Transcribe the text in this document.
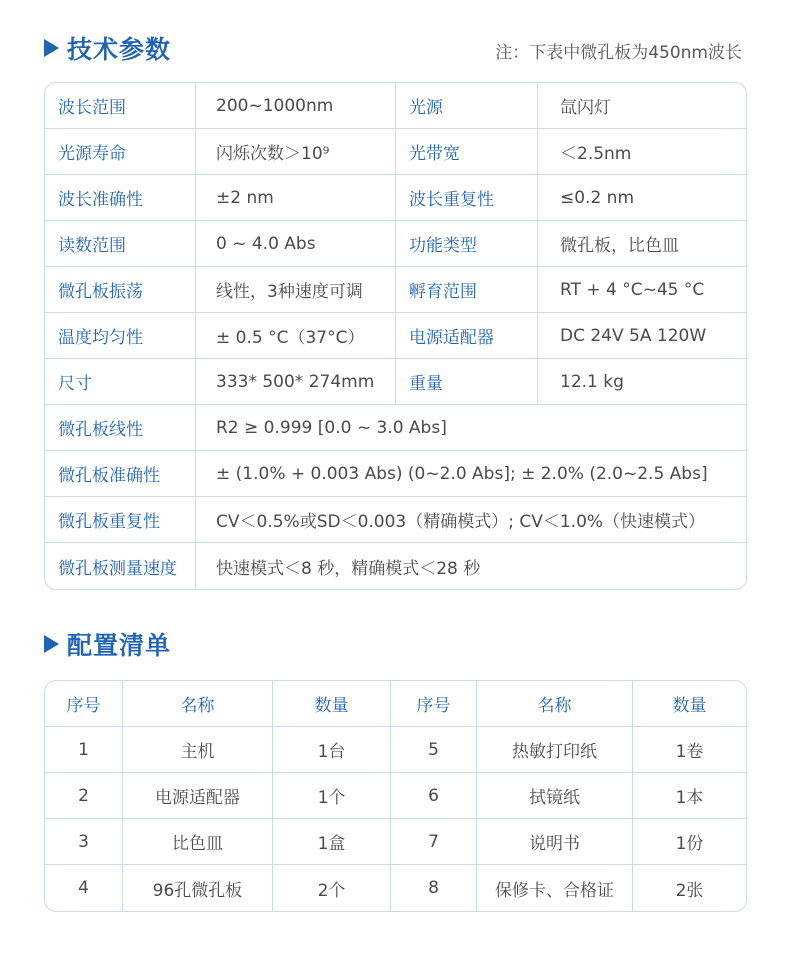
技术参数	注：下表中微孔板为450nm波长
波长范围	200~1000nm	光源	氙闪灯
光源寿命	闪烁次数＞10⁹	光带宽	＜2.5nm
波长准确性	±2 nm	波长重复性	≤0.2 nm
读数范围	0 ~ 4.0 Abs	功能类型	微孔板，比色皿
微孔板振荡	线性，3种速度可调	孵育范围	RT + 4 °C~45 °C
温度均匀性	± 0.5 °C（37°C）	电源适配器	DC 24V 5A 120W
尺寸	333* 500* 274mm	重量	12.1 kg
微孔板线性	R2 ≥ 0.999 [0.0 ~ 3.0 Abs]
微孔板准确性	± (1.0% + 0.003 Abs) (0~2.0 Abs]; ± 2.0% (2.0~2.5 Abs]
微孔板重复性	CV＜0.5%或SD＜0.003（精确模式）; CV＜1.0%（快速模式）
微孔板测量速度	快速模式＜8 秒，精确模式＜28 秒
配置清单
序号	名称	数量	序号	名称	数量
1	主机	1台	5	热敏打印纸	1卷
2	电源适配器	1个	6	拭镜纸	1本
3	比色皿	1盒	7	说明书	1份
4	96孔微孔板	2个	8	保修卡、合格证	2张
